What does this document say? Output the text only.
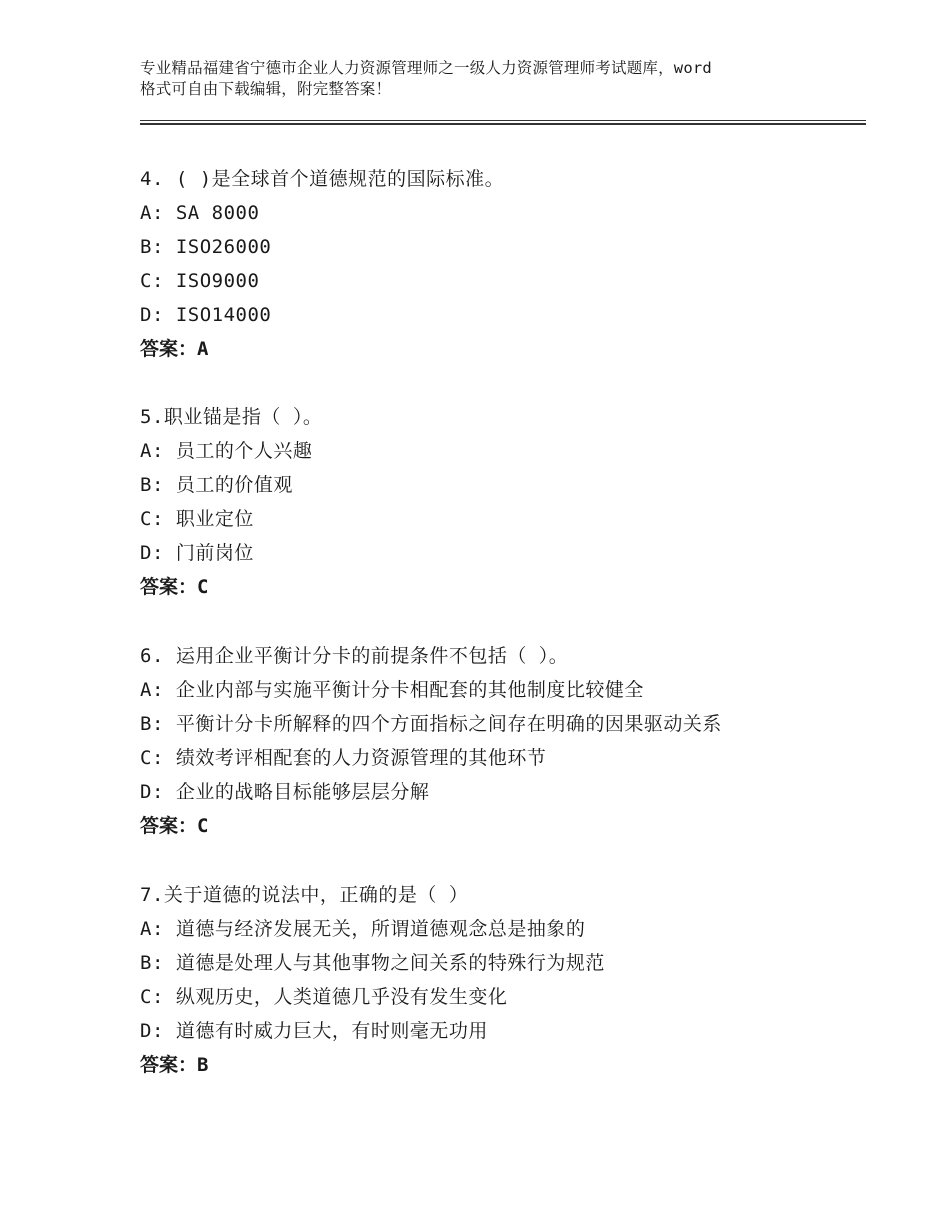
专业精品福建省宁德市企业人力资源管理师之一级人力资源管理师考试题库，word
格式可自由下载编辑，附完整答案！
4. ( )是全球首个道德规范的国际标准。
A: SA 8000
B: ISO26000
C: ISO9000
D: ISO14000
答案：A
5.职业锚是指（ ）。
A: 员工的个人兴趣
B: 员工的价值观
C: 职业定位
D: 门前岗位
答案：C
6. 运用企业平衡计分卡的前提条件不包括（ ）。
A: 企业内部与实施平衡计分卡相配套的其他制度比较健全
B: 平衡计分卡所解释的四个方面指标之间存在明确的因果驱动关系
C: 绩效考评相配套的人力资源管理的其他环节
D: 企业的战略目标能够层层分解
答案：C
7.关于道德的说法中，正确的是（ ）
A: 道德与经济发展无关，所谓道德观念总是抽象的
B: 道德是处理人与其他事物之间关系的特殊行为规范
C: 纵观历史，人类道德几乎没有发生变化
D: 道德有时威力巨大，有时则毫无功用
答案：B
